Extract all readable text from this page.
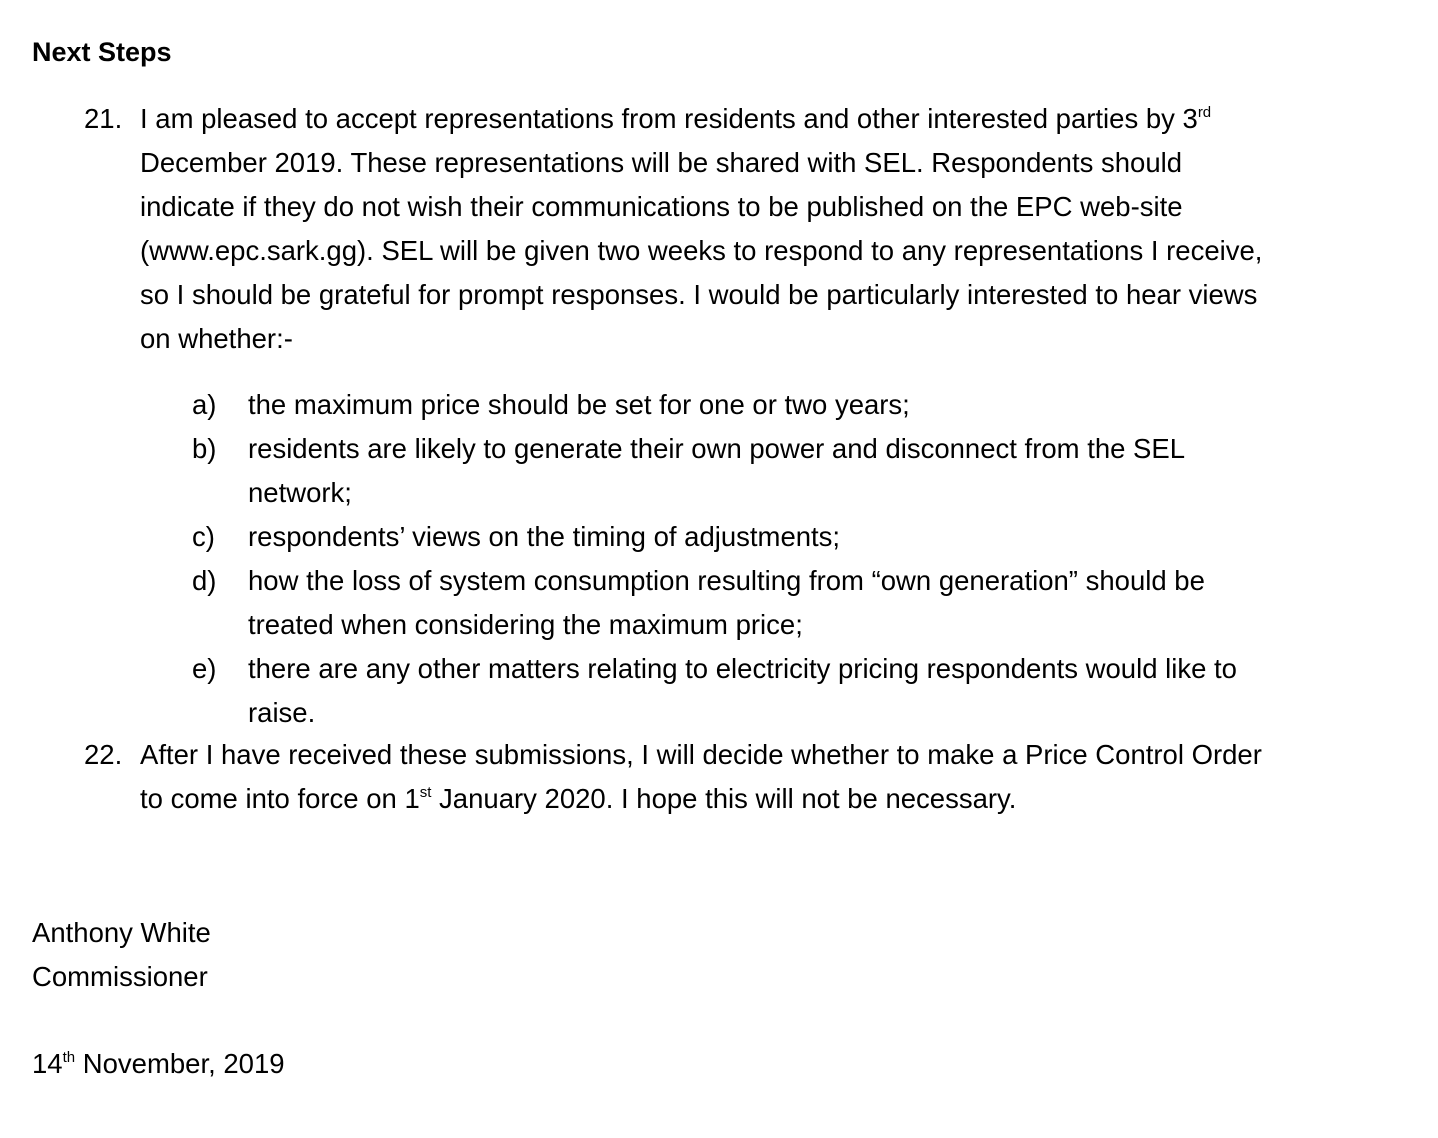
Next Steps
21. I am pleased to accept representations from residents and other interested parties by 3rd
December 2019. These representations will be shared with SEL. Respondents should
indicate if they do not wish their communications to be published on the EPC web-site
(www.epc.sark.gg). SEL will be given two weeks to respond to any representations I receive,
so I should be grateful for prompt responses. I would be particularly interested to hear views
on whether:-
a) the maximum price should be set for one or two years;
b) residents are likely to generate their own power and disconnect from the SEL
network;
c) respondents’ views on the timing of adjustments;
d) how the loss of system consumption resulting from “own generation” should be
treated when considering the maximum price;
e) there are any other matters relating to electricity pricing respondents would like to
raise.
22. After I have received these submissions, I will decide whether to make a Price Control Order
to come into force on 1st January 2020. I hope this will not be necessary.

Anthony White

Commissioner

14th November, 2019
